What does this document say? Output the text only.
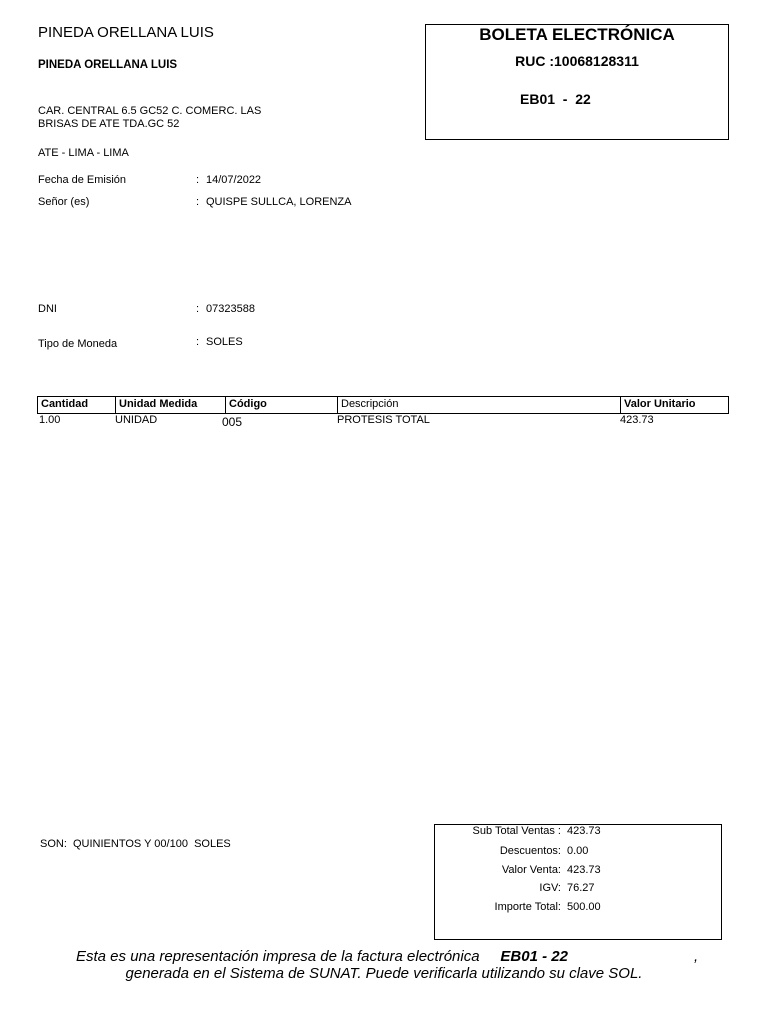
PINEDA ORELLANA LUIS
PINEDA ORELLANA LUIS
CAR. CENTRAL 6.5 GC52 C. COMERC. LAS BRISAS DE ATE TDA.GC 52
ATE - LIMA - LIMA
BOLETA ELECTRÓNICA
RUC :10068128311
EB01  -  22
Fecha de Emisión	: 14/07/2022
Señor (es)	: QUISPE SULLCA, LORENZA
DNI	: 07323588
Tipo de Moneda	: SOLES
Cantidad	Unidad Medida	Código	Descripción	Valor Unitario
1.00	UNIDAD	005	PROTESIS TOTAL	423.73
SON:  QUINIENTOS Y 00/100  SOLES
Sub Total Ventas : 423.73
Descuentos: 0.00
Valor Venta: 423.73
IGV: 76.27
Importe Total: 500.00
Esta es una representación impresa de la factura electrónica EB01 - 22	,
generada en el Sistema de SUNAT. Puede verificarla utilizando su clave SOL.
